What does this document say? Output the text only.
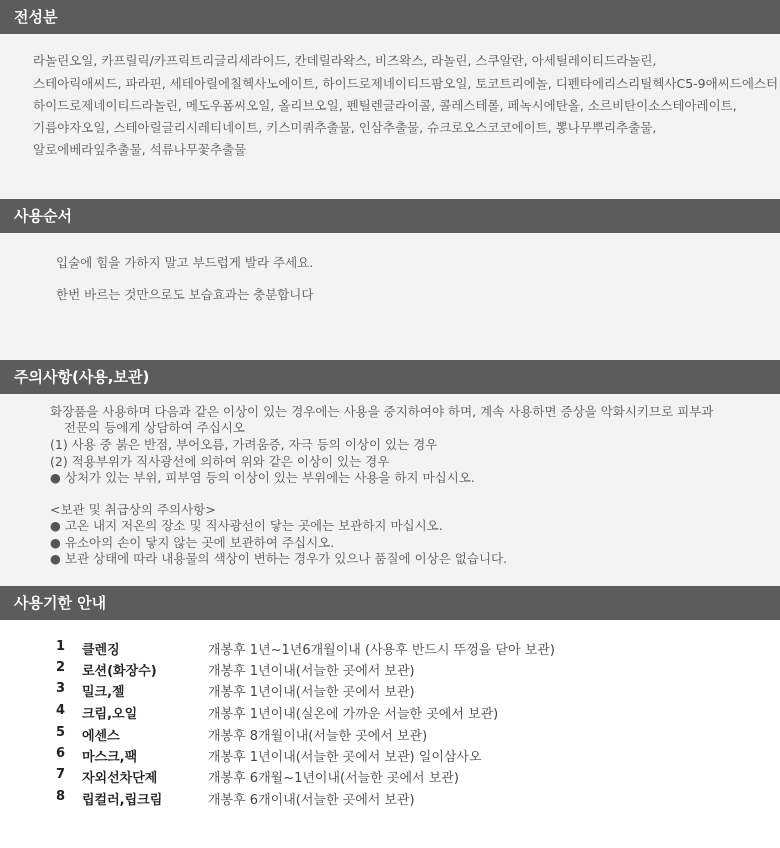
전성분
라놀린오일, 카프릴릭/카프릭트리글리세라이드, 칸데릴라왁스, 비즈왁스, 라놀린, 스쿠알란, 아세틸레이티드라놀린,
스테아릭애씨드, 파라핀, 세테아릴에칠헥사노에이트, 하이드로제네이티드팜오일, 토코트리에놀, 디펜타에리스리틸헥사C5-9애씨드에스터
하이드로제네이티드라놀린, 메도우폼씨오일, 올리브오일, 펜틸렌글라이콜, 콜레스테롤, 페녹시에탄올, 소르비탄이소스테아레이트,
기름야자오일, 스테아릴글리시레티네이트, 키스미쿼추출물, 인삼추출물, 슈크로오스코코에이트, 뽕나무뿌리추출물,
알로에베라잎추출물, 석류나무꽃추출물
사용순서
입술에 힘을 가하지 말고 부드럽게 발라 주세요.
한번 바르는 것만으로도 보습효과는 충분합니다
주의사항(사용,보관)
화장품을 사용하며 다음과 같은 이상이 있는 경우에는 사용을 중지하여야 하며, 계속 사용하면 증상을 악화시키므로 피부과
전문의 등에게 상담하여 주십시오
(1) 사용 중 붉은 반점, 부어오름, 가려움증, 자극 등의 이상이 있는 경우
(2) 적용부위가 직사광선에 의하여 위와 같은 이상이 있는 경우
● 상처가 있는 부위, 피부염 등의 이상이 있는 부위에는 사용을 하지 마십시오.
<보관 및 취급상의 주의사항>
● 고온 내지 저온의 장소 및 직사광선이 닿는 곳에는 보관하지 마십시오.
● 유소아의 손이 닿지 않는 곳에 보관하여 주십시오.
● 보관 상태에 따라 내용물의 색상이 변하는 경우가 있으나 품질에 이상은 없습니다.
사용기한 안내
1 클렌징	개봉후 1년~1년6개월이내 (사용후 반드시 뚜껑을 닫아 보관)
2 로션(화장수)	개봉후 1년이내(서늘한 곳에서 보관)
3 밀크,젤	개봉후 1년이내(서늘한 곳에서 보관)
4 크림,오일	개봉후 1년이내(실온에 가까운 서늘한 곳에서 보관)
5 에센스	개봉후 8개월이내(서늘한 곳에서 보관)
6 마스크,팩	개봉후 1년이내(서늘한 곳에서 보관) 일이삼사오
7 자외선차단제	개봉후 6개월~1년이내(서늘한 곳에서 보관)
8 립컬러,립크림	개봉후 6개이내(서늘한 곳에서 보관)
